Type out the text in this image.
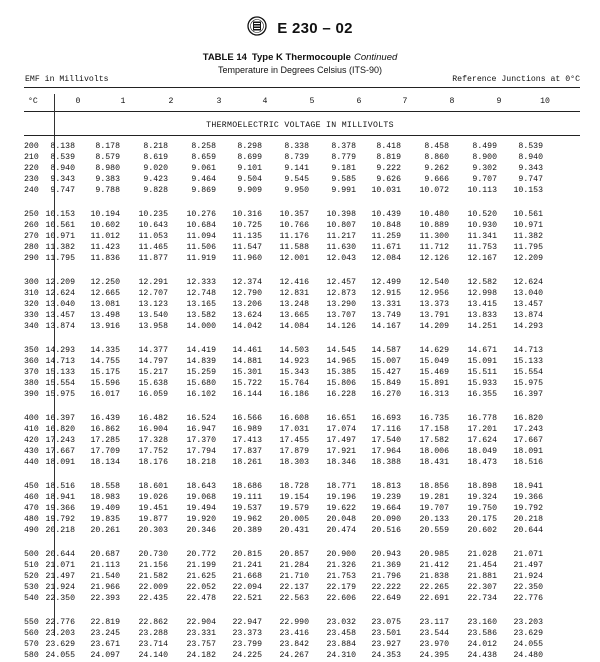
E 230 – 02
TABLE 14 Type K Thermocouple Continued
Temperature in Degrees Celsius (ITS-90)
EMF in Millivolts	Reference Junctions at 0°C

°C

	0	1	2	3	4	5	6	7	8	9	10

THERMOELECTRIC VOLTAGE IN MILLIVOLTS
200	8.138	8.178	8.218	8.258	8.298	8.338	8.378	8.418	8.458	8.499	8.539
210	8.539	8.579	8.619	8.659	8.699	8.739	8.779	8.819	8.860	8.900	8.940
220	8.940	8.980	9.020	9.061	9.101	9.141	9.181	9.222	9.262	9.302	9.343
230	9.343	9.383	9.423	9.464	9.504	9.545	9.585	9.626	9.666	9.707	9.747
240	9.747	9.788	9.828	9.869	9.909	9.950	9.991	10.031	10.072	10.113	10.153
250 10.153	10.194	10.235	10.276	10.316	10.357	10.398	10.439	10.480	10.520	10.561
260 10.561	10.602	10.643	10.684	10.725	10.766	10.807	10.848	10.889	10.930	10.971
270 10.971	11.012	11.053	11.094	11.135	11.176	11.217	11.259	11.300	11.341	11.382
280 11.382	11.423	11.465	11.506	11.547	11.588	11.630	11.671	11.712	11.753	11.795
290 11.795	11.836	11.877	11.919	11.960	12.001	12.043	12.084	12.126	12.167	12.209
300 12.209	12.250	12.291	12.333	12.374	12.416	12.457	12.499	12.540	12.582	12.624
310 12.624	12.665	12.707	12.748	12.790	12.831	12.873	12.915	12.956	12.998	13.040
320 13.040	13.081	13.123	13.165	13.206	13.248	13.290	13.331	13.373	13.415	13.457
330 13.457	13.498	13.540	13.582	13.624	13.665	13.707	13.749	13.791	13.833	13.874
340 13.874	13.916	13.958	14.000	14.042	14.084	14.126	14.167	14.209	14.251	14.293
350 14.293	14.335	14.377	14.419	14.461	14.503	14.545	14.587	14.629	14.671	14.713
360 14.713	14.755	14.797	14.839	14.881	14.923	14.965	15.007	15.049	15.091	15.133
370 15.133	15.175	15.217	15.259	15.301	15.343	15.385	15.427	15.469	15.511	15.554
380 15.554	15.596	15.638	15.680	15.722	15.764	15.806	15.849	15.891	15.933	15.975
390 15.975	16.017	16.059	16.102	16.144	16.186	16.228	16.270	16.313	16.355	16.397
400 16.397	16.439	16.482	16.524	16.566	16.608	16.651	16.693	16.735	16.778	16.820
410 16.820	16.862	16.904	16.947	16.989	17.031	17.074	17.116	17.158	17.201	17.243
420 17.243	17.285	17.328	17.370	17.413	17.455	17.497	17.540	17.582	17.624	17.667
430 17.667	17.709	17.752	17.794	17.837	17.879	17.921	17.964	18.006	18.049	18.091
440 18.091	18.134	18.176	18.218	18.261	18.303	18.346	18.388	18.431	18.473	18.516
450 18.516	18.558	18.601	18.643	18.686	18.728	18.771	18.813	18.856	18.898	18.941
460 18.941	18.983	19.026	19.068	19.111	19.154	19.196	19.239	19.281	19.324	19.366
470 19.366	19.409	19.451	19.494	19.537	19.579	19.622	19.664	19.707	19.750	19.792
480 19.792	19.835	19.877	19.920	19.962	20.005	20.048	20.090	20.133	20.175	20.218
490 20.218	20.261	20.303	20.346	20.389	20.431	20.474	20.516	20.559	20.602	20.644
500 20.644	20.687	20.730	20.772	20.815	20.857	20.900	20.943	20.985	21.028	21.071
510 21.071	21.113	21.156	21.199	21.241	21.284	21.326	21.369	21.412	21.454	21.497
520 21.497	21.540	21.582	21.625	21.668	21.710	21.753	21.796	21.838	21.881	21.924
530 21.924	21.966	22.009	22.052	22.094	22.137	22.179	22.222	22.265	22.307	22.350
540 22.350	22.393	22.435	22.478	22.521	22.563	22.606	22.649	22.691	22.734	22.776
550 22.776	22.819	22.862	22.904	22.947	22.990	23.032	23.075	23.117	23.160	23.203
560 23.203	23.245	23.288	23.331	23.373	23.416	23.458	23.501	23.544	23.586	23.629
570 23.629	23.671	23.714	23.757	23.799	23.842	23.884	23.927	23.970	24.012	24.055
580 24.055	24.097	24.140	24.182	24.225	24.267	24.310	24.353	24.395	24.438	24.480
